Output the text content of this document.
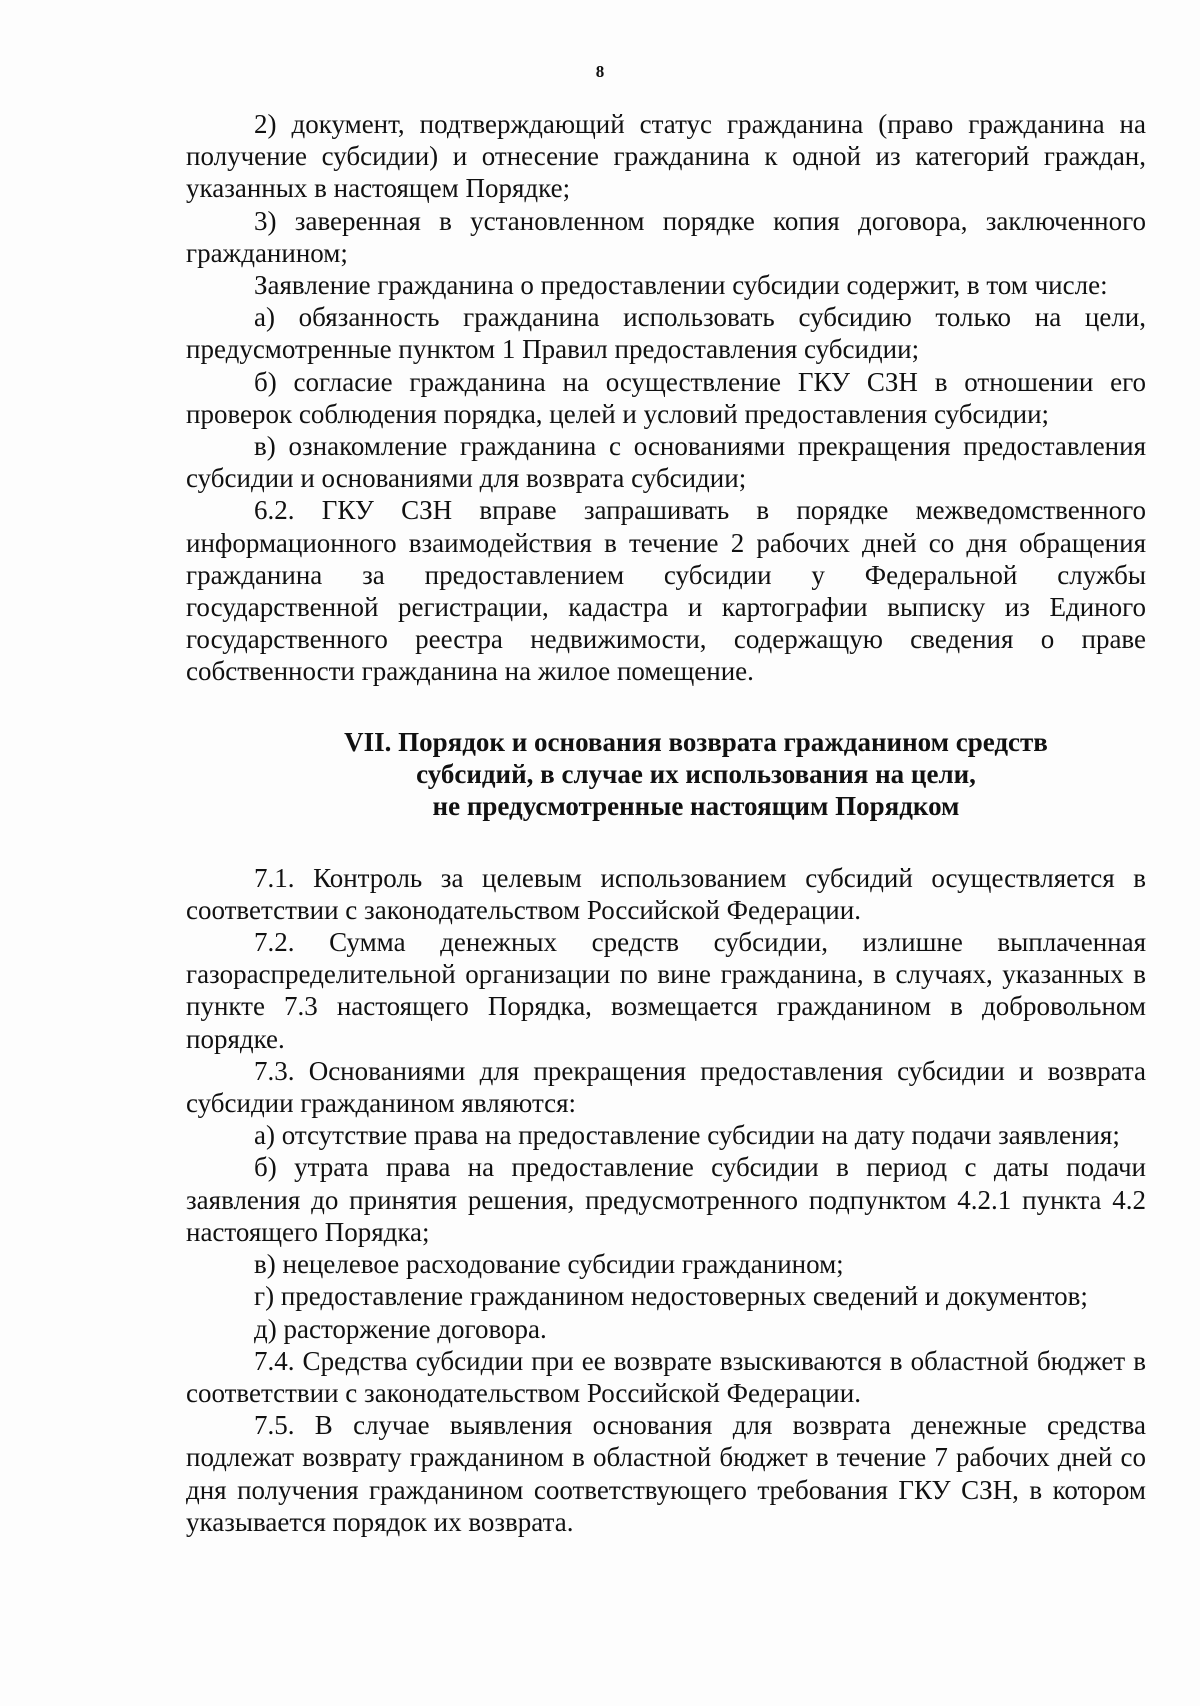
8

2) документ, подтверждающий статус гражданина (право гражданина на получение субсидии) и отнесение гражданина к одной из категорий граждан, указанных в настоящем Порядке;

3) заверенная в установленном порядке копия договора, заключенного гражданином;

Заявление гражданина о предоставлении субсидии содержит, в том числе:

а) обязанность гражданина использовать субсидию только на цели, предусмотренные пунктом 1 Правил предоставления субсидии;

б) согласие гражданина на осуществление ГКУ СЗН в отношении его проверок соблюдения порядка, целей и условий предоставления субсидии;

в) ознакомление гражданина с основаниями прекращения предоставления субсидии и основаниями для возврата субсидии;

6.2. ГКУ СЗН вправе запрашивать в порядке межведомственного информационного взаимодействия в течение 2 рабочих дней со дня обращения гражданина за предоставлением субсидии у Федеральной службы государственной регистрации, кадастра и картографии выписку из Единого государственного реестра недвижимости, содержащую сведения о праве собственности гражданина на жилое помещение.

VII. Порядок и основания возврата гражданином средств
субсидий, в случае их использования на цели,
не предусмотренные настоящим Порядком

7.1. Контроль за целевым использованием субсидий осуществляется в соответствии с законодательством Российской Федерации.

7.2. Сумма денежных средств субсидии, излишне выплаченная газораспределительной организации по вине гражданина, в случаях, указанных в пункте 7.3 настоящего Порядка, возмещается гражданином в добровольном порядке.

7.3. Основаниями для прекращения предоставления субсидии и возврата субсидии гражданином являются:

а) отсутствие права на предоставление субсидии на дату подачи заявления;

б) утрата права на предоставление субсидии в период с даты подачи заявления до принятия решения, предусмотренного подпунктом 4.2.1 пункта 4.2 настоящего Порядка;

в) нецелевое расходование субсидии гражданином;

г) предоставление гражданином недостоверных сведений и документов;

д) расторжение договора.

7.4. Средства субсидии при ее возврате взыскиваются в областной бюджет в соответствии с законодательством Российской Федерации.

7.5. В случае выявления основания для возврата денежные средства подлежат возврату гражданином в областной бюджет в течение 7 рабочих дней со дня получения гражданином соответствующего требования ГКУ СЗН, в котором указывается порядок их возврата.
